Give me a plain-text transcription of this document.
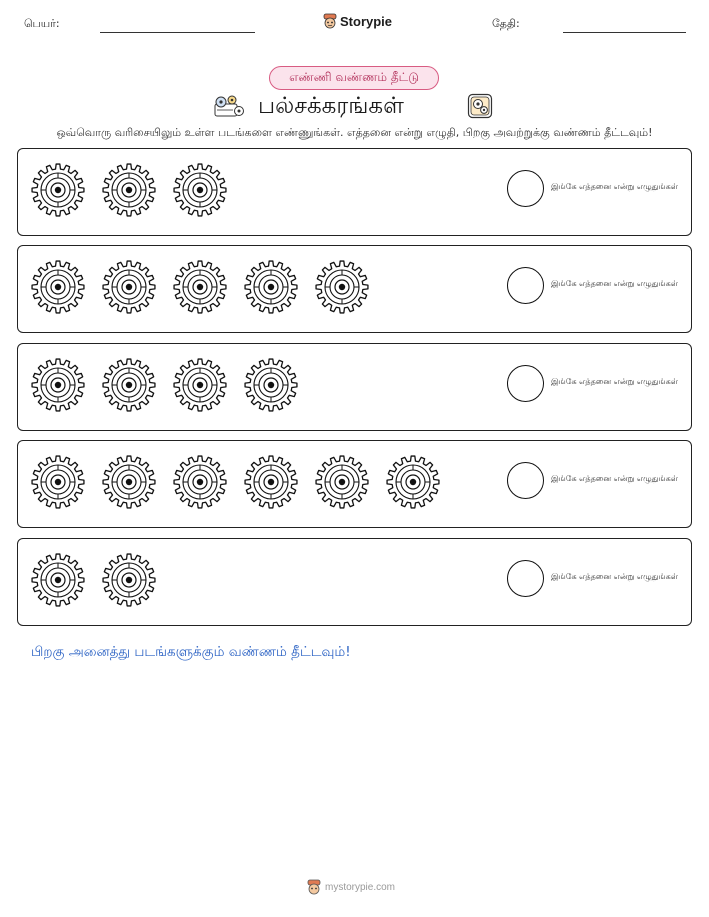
பெயர்:	Storypie	தேதி:
எண்ணி வண்ணம் தீட்டு
பல்சக்கரங்கள்
ஒவ்வொரு வரிசையிலும் உள்ள படங்களை எண்ணுங்கள். எத்தனை என்று எழுதி, பிறகு அவற்றுக்கு வண்ணம் தீட்டவும்!
இங்கே எத்தனை என்று எழுதுங்கள்
இங்கே எத்தனை என்று எழுதுங்கள்
இங்கே எத்தனை என்று எழுதுங்கள்
இங்கே எத்தனை என்று எழுதுங்கள்
இங்கே எத்தனை என்று எழுதுங்கள்
பிறகு அனைத்து படங்களுக்கும் வண்ணம் தீட்டவும்!
mystorypie.com
